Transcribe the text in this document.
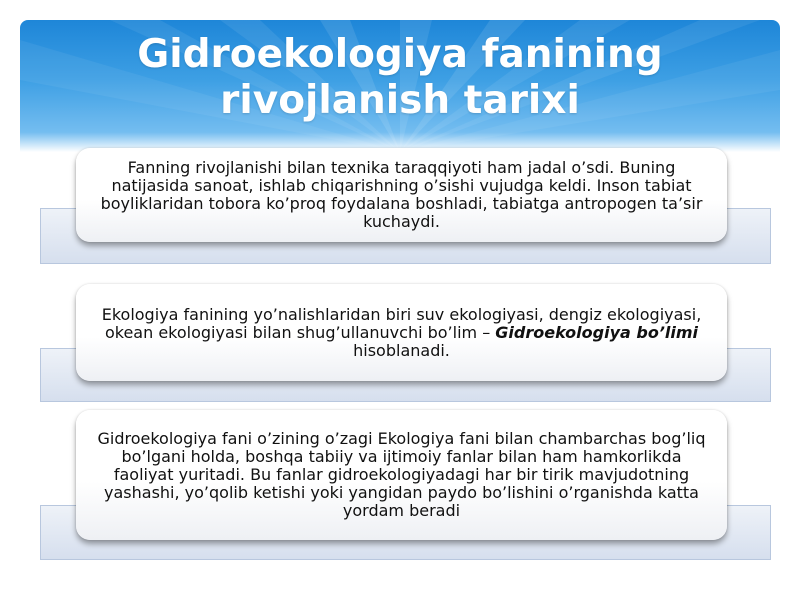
Gidroekologiya fanining rivojlanish tarixi

Fanning rivojlanishi bilan texnika taraqqiyoti ham jadal o’sdi. Buning natijasida sanoat, ishlab chiqarishning o’sishi vujudga keldi. Inson tabiat boyliklaridan tobora ko’proq foydalana boshladi, tabiatga antropogen ta’sir kuchaydi.

Ekologiya fanining yo’nalishlaridan biri suv ekologiyasi, dengiz ekologiyasi, okean ekologiyasi bilan shug’ullanuvchi bo’lim – Gidroekologiya bo’limi hisoblanadi.

Gidroekologiya fani o’zining o’zagi Ekologiya fani bilan chambarchas bog’liq bo’lgani holda, boshqa tabiiy va ijtimoiy fanlar bilan ham hamkorlikda faoliyat yuritadi. Bu fanlar gidroekologiyadagi har bir tirik mavjudotning yashashi, yo’qolib ketishi yoki yangidan paydo bo’lishini o’rganishda katta yordam beradi
